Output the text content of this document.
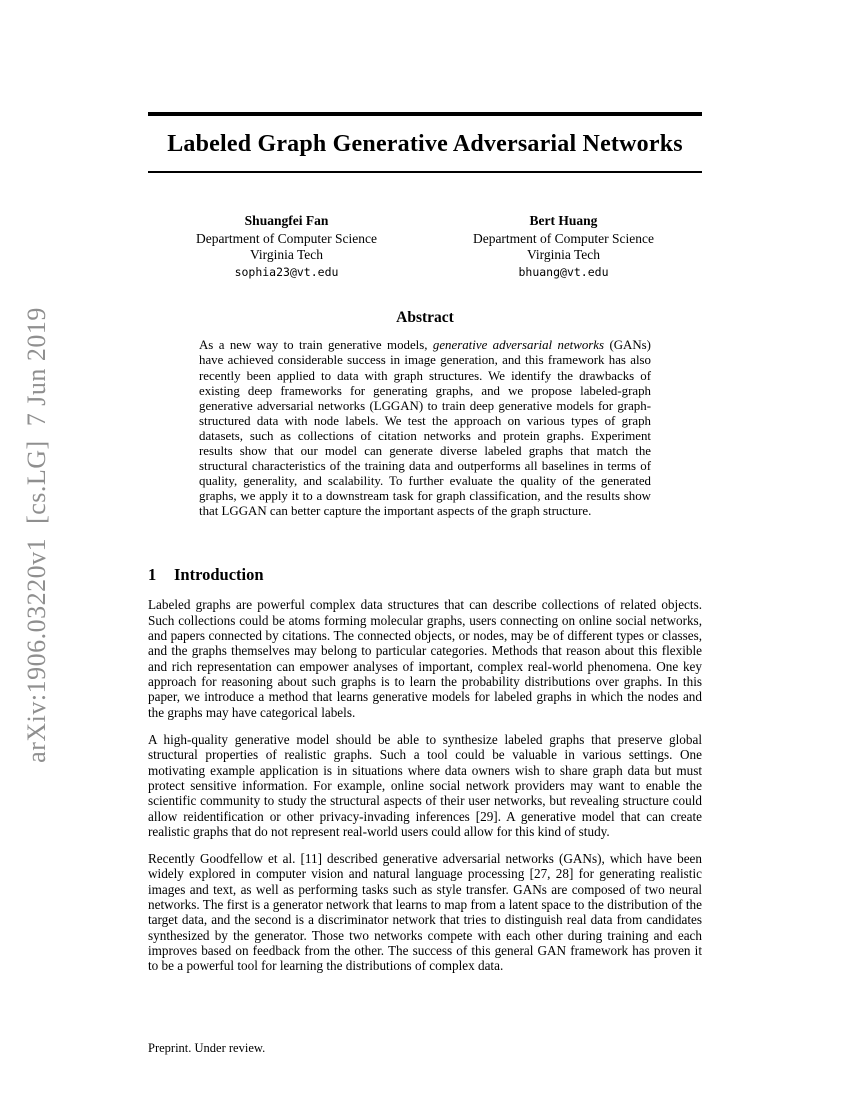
arXiv:1906.03220v1  [cs.LG]  7 Jun 2019
Labeled Graph Generative Adversarial Networks
Shuangfei Fan
Department of Computer Science
Virginia Tech
sophia23@vt.edu
Bert Huang
Department of Computer Science
Virginia Tech
bhuang@vt.edu
Abstract

As a new way to train generative models, generative adversarial networks (GANs) have achieved considerable success in image generation, and this framework has also recently been applied to data with graph structures. We identify the drawbacks of existing deep frameworks for generating graphs, and we propose labeled-graph generative adversarial networks (LGGAN) to train deep generative models for graph-structured data with node labels. We test the approach on various types of graph datasets, such as collections of citation networks and protein graphs. Experiment results show that our model can generate diverse labeled graphs that match the structural characteristics of the training data and outperforms all baselines in terms of quality, generality, and scalability. To further evaluate the quality of the generated graphs, we apply it to a downstream task for graph classification, and the results show that LGGAN can better capture the important aspects of the graph structure.

1 Introduction

Labeled graphs are powerful complex data structures that can describe collections of related objects. Such collections could be atoms forming molecular graphs, users connecting on online social networks, and papers connected by citations. The connected objects, or nodes, may be of different types or classes, and the graphs themselves may belong to particular categories. Methods that reason about this flexible and rich representation can empower analyses of important, complex real-world phenomena. One key approach for reasoning about such graphs is to learn the probability distributions over graphs. In this paper, we introduce a method that learns generative models for labeled graphs in which the nodes and the graphs may have categorical labels.

A high-quality generative model should be able to synthesize labeled graphs that preserve global structural properties of realistic graphs. Such a tool could be valuable in various settings. One motivating example application is in situations where data owners wish to share graph data but must protect sensitive information. For example, online social network providers may want to enable the scientific community to study the structural aspects of their user networks, but revealing structure could allow reidentification or other privacy-invading inferences [29]. A generative model that can create realistic graphs that do not represent real-world users could allow for this kind of study.

Recently Goodfellow et al. [11] described generative adversarial networks (GANs), which have been widely explored in computer vision and natural language processing [27, 28] for generating realistic images and text, as well as performing tasks such as style transfer. GANs are composed of two neural networks. The first is a generator network that learns to map from a latent space to the distribution of the target data, and the second is a discriminator network that tries to distinguish real data from candidates synthesized by the generator. Those two networks compete with each other during training and each improves based on feedback from the other. The success of this general GAN framework has proven it to be a powerful tool for learning the distributions of complex data.

Preprint. Under review.
